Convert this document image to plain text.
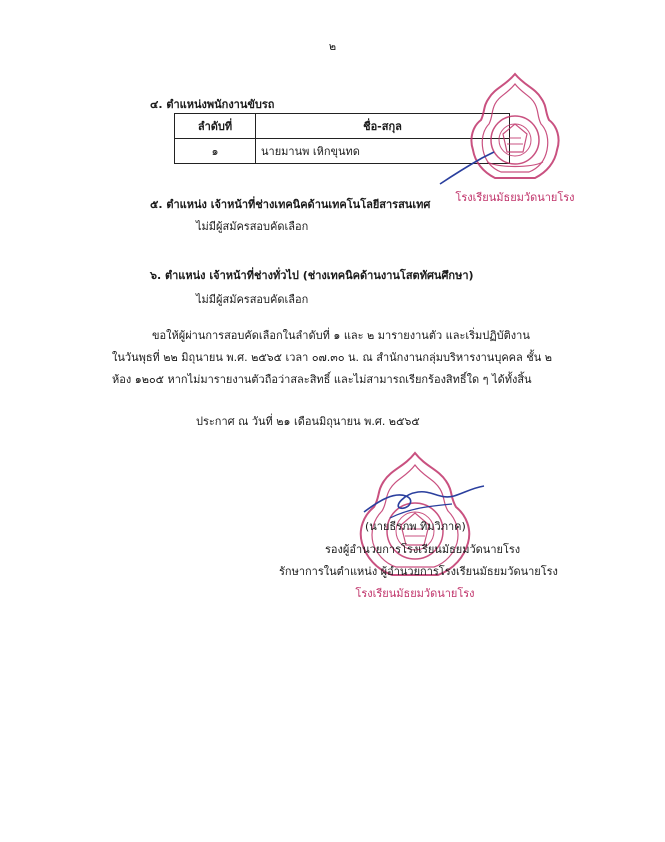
๒
๔. ตำแหน่งพนักงานขับรถ
ลำดับที่	ชื่อ-สกุล
๑	นายมานพ เหิกขุนทด
โรงเรียนมัธยมวัดนายโรง
๕. ตำแหน่ง เจ้าหน้าที่ช่างเทคนิคด้านเทคโนโลยีสารสนเทศ
ไม่มีผู้สมัครสอบคัดเลือก
๖. ตำแหน่ง เจ้าหน้าที่ช่างทั่วไป (ช่างเทคนิคด้านงานโสตทัศนศึกษา)
ไม่มีผู้สมัครสอบคัดเลือก
ขอให้ผู้ผ่านการสอบคัดเลือกในลำดับที่ ๑ และ ๒ มารายงานตัว และเริ่มปฏิบัติงาน
ในวันพุธที่ ๒๒ มิถุนายน พ.ศ. ๒๕๖๕ เวลา ๐๗.๓๐ น. ณ สำนักงานกลุ่มบริหารงานบุคคล ชั้น ๒
ห้อง ๑๒๐๕ หากไม่มารายงานตัวถือว่าสละสิทธิ์ และไม่สามารถเรียกร้องสิทธิ์ใด ๆ ได้ทั้งสิ้น
ประกาศ ณ วันที่ ๒๑ เดือนมิถุนายน พ.ศ. ๒๕๖๕
โรงเรียนมัธยมวัดนายโรง
(นายธีรภพ ทิมวิภาค)
รองผู้อำนวยการโรงเรียนมัธยมวัดนายโรง
รักษาการในตำแหน่ง ผู้อำนวยการโรงเรียนมัธยมวัดนายโรง
